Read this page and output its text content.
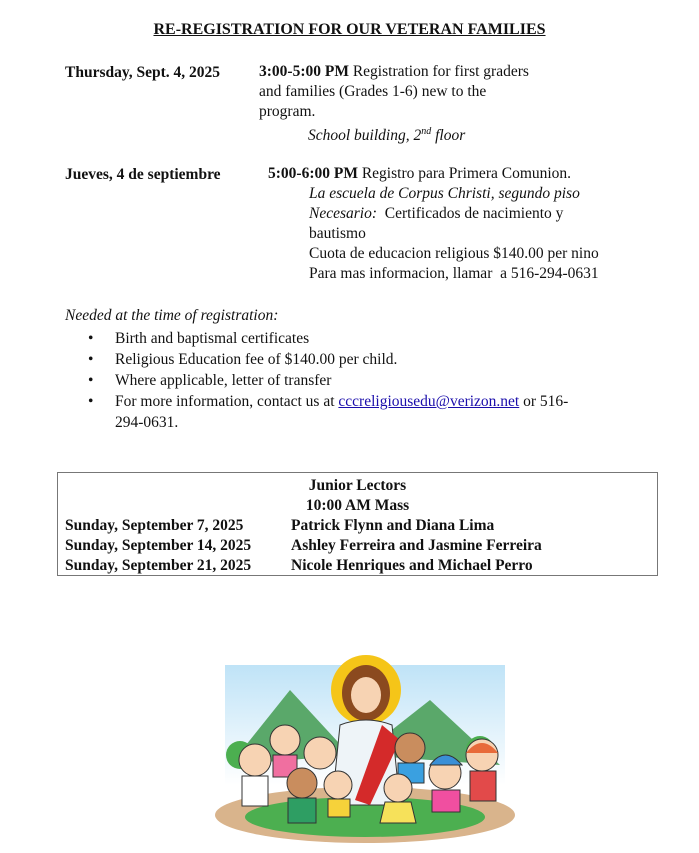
RE-REGISTRATION FOR OUR VETERAN FAMILIES
Thursday, Sept. 4, 2025	3:00-5:00 PM Registration for first graders
and families (Grades 1-6) new to the
program.
School building, 2nd floor
Jueves, 4 de septiembre	5:00-6:00 PM Registro para Primera Comunion.
La escuela de Corpus Christi, segundo piso
Necesario: Certificados de nacimiento y
bautismo
Cuota de educacion religious $140.00 per nino
Para mas informacion, llamar  a 516-294-0631
Needed at the time of registration:
• Birth and baptismal certificates
• Religious Education fee of $140.00 per child.
• Where applicable, letter of transfer
• For more information, contact us at cccreligiousedu@verizon.net or 516-
294-0631.
Junior Lectors
10:00 AM Mass
Sunday, September 7, 2025	Patrick Flynn and Diana Lima
Sunday, September 14, 2025	Ashley Ferreira and Jasmine Ferreira
Sunday, September 21, 2025	Nicole Henriques and Michael Perro
